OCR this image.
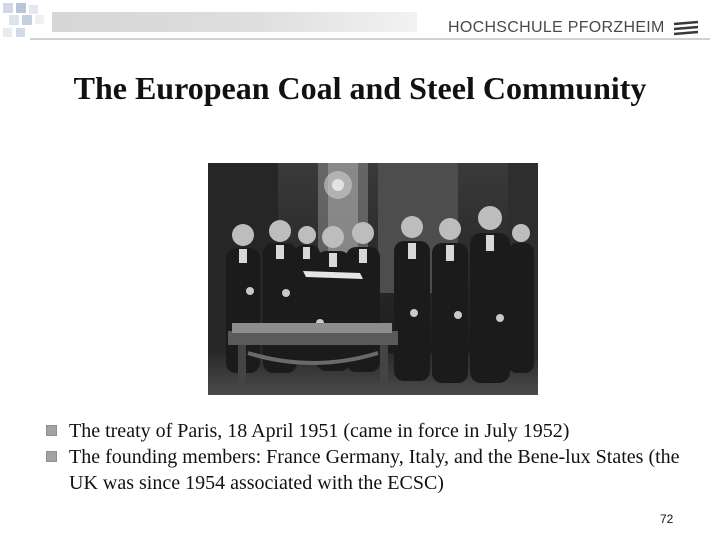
HOCHSCHULE PFORZHEIM
The European Coal and Steel Community
The treaty of Paris, 18 April 1951 (came in force in July 1952)
The founding members: France Germany, Italy, and the Bene-lux States (the UK was since 1954 associated with the ECSC)
72
